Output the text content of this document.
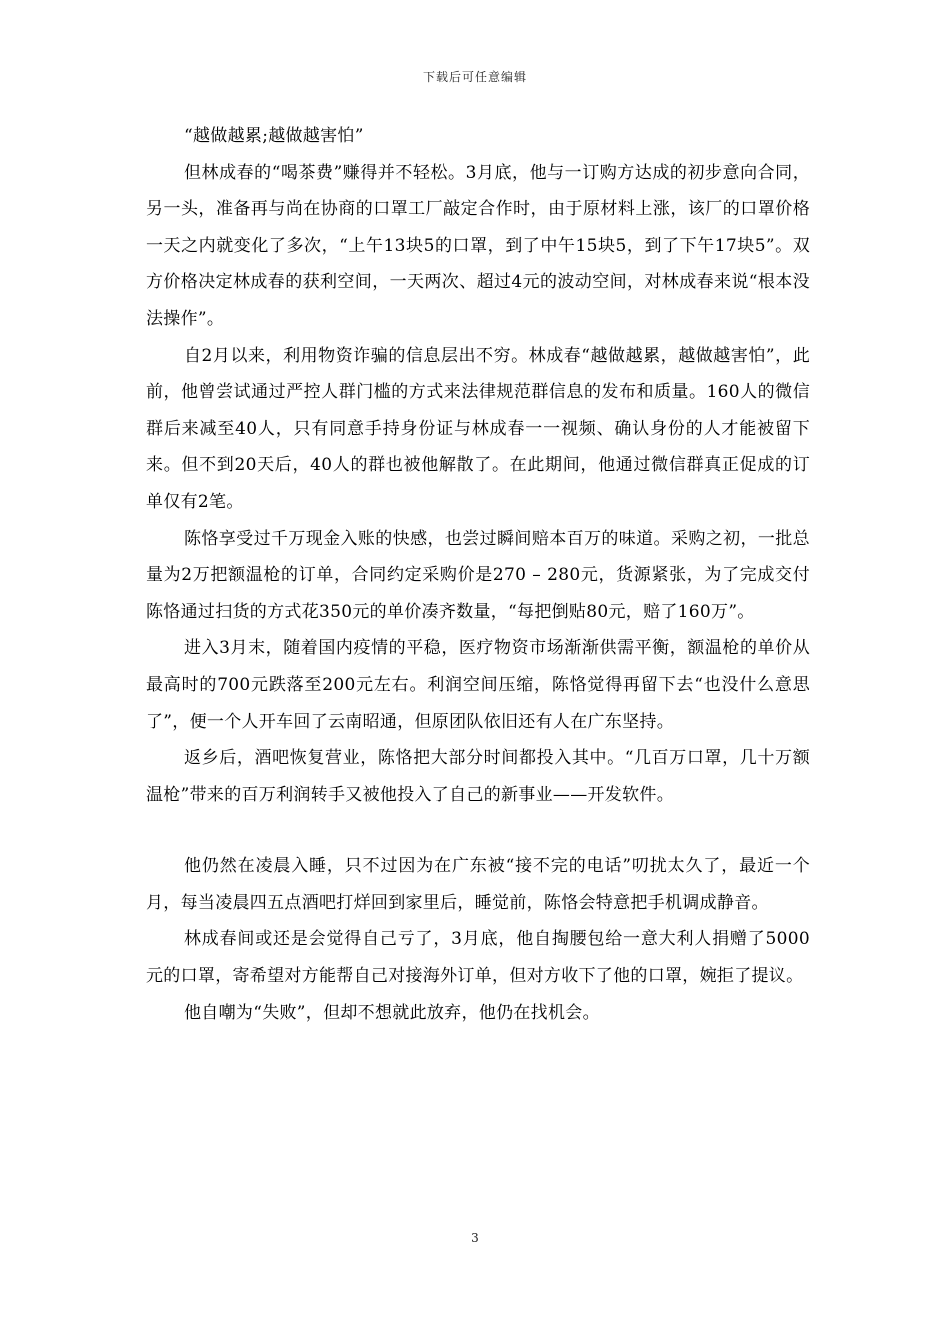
下载后可任意编辑

“越做越累;越做越害怕”

但林成春的“喝茶费”赚得并不轻松。3月底，他与一订购方达成的初步意向合同，另一头，准备再与尚在协商的口罩工厂敲定合作时，由于原材料上涨，该厂的口罩价格一天之内就变化了多次，“上午13块5的口罩，到了中午15块5，到了下午17块5”。双方价格决定林成春的获利空间，一天两次、超过4元的波动空间，对林成春来说“根本没法操作”。

自2月以来，利用物资诈骗的信息层出不穷。林成春“越做越累，越做越害怕”，此前，他曾尝试通过严控人群门槛的方式来法律规范群信息的发布和质量。160人的微信群后来减至40人，只有同意手持身份证与林成春一一视频、确认身份的人才能被留下来。但不到20天后，40人的群也被他解散了。在此期间，他通过微信群真正促成的订单仅有2笔。

陈恪享受过千万现金入账的快感，也尝过瞬间赔本百万的味道。采购之初，一批总量为2万把额温枪的订单，合同约定采购价是270 – 280元，货源紧张，为了完成交付陈恪通过扫货的方式花350元的单价凑齐数量，“每把倒贴80元，赔了160万”。

进入3月末，随着国内疫情的平稳，医疗物资市场渐渐供需平衡，额温枪的单价从最高时的700元跌落至200元左右。利润空间压缩，陈恪觉得再留下去“也没什么意思了”，便一个人开车回了云南昭通，但原团队依旧还有人在广东坚持。

返乡后，酒吧恢复营业，陈恪把大部分时间都投入其中。“几百万口罩，几十万额温枪”带来的百万利润转手又被他投入了自己的新事业——开发软件。

他仍然在凌晨入睡，只不过因为在广东被“接不完的电话”叨扰太久了，最近一个月，每当凌晨四五点酒吧打烊回到家里后，睡觉前，陈恪会特意把手机调成静音。

林成春间或还是会觉得自己亏了，3月底，他自掏腰包给一意大利人捐赠了5000元的口罩，寄希望对方能帮自己对接海外订单，但对方收下了他的口罩，婉拒了提议。

他自嘲为“失败”，但却不想就此放弃，他仍在找机会。

3
